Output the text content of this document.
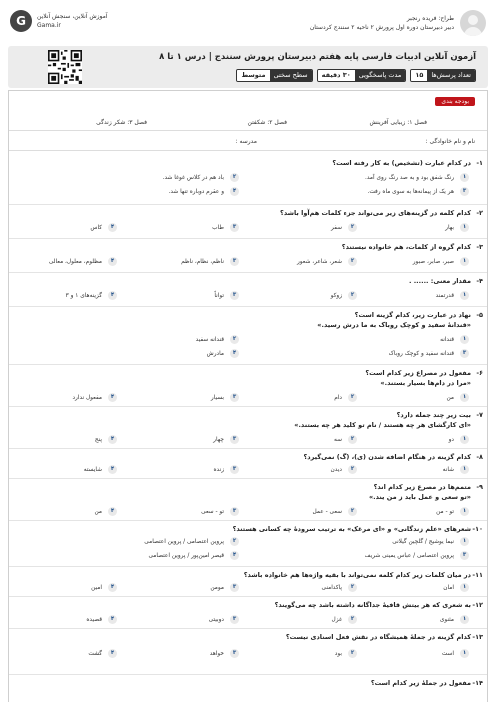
طراح: فریده رنجبر
دبیر دبیرستان دوره اول پرورش ۲ ناحیه ۲ سنندج کردستان
G	آموزش آنلاین، سنجش آنلاین
Gama.ir
آزمون آنلاین ادبیات فارسی پایه هفتم دبیرستان پرورش سنندج | درس ۱ تا ۸
تعداد پرسش‌ها
۱۵
مدت پاسخگویی
۳۰ دقیقه
سطح سختی
متوسط
بودجه بندی
فصل ۱: زیبایی آفرینش
فصل ۲: شکفتن
فصل ۳: شکر زندگی
نام و نام خانوادگی :
مدرسه :
۱-
در کدام عبارت (تشخیص) به کار رفته است؟
۱
رنگ شفق بود و به صد رنگ روی آمد.
۲
باد هم در کلاس غوغا شد.
۳
هر یک از پیمانه‌ها به سوی ماه رفت.
۴
و عقرم دوباره تنها شد.
۲-
کدام کلمه در گزینه‌های زیر می‌تواند جزء کلمات هم‌آوا باشد؟
۱
بهار
۲
سفر
۳
طاب
۴
کاس
۳-
کدام گروه از کلمات، هم خانواده نیستند؟
۱
صبر، صابر، صبور
۲
شعر، شاعر، شعور
۳
ناظم، نظام، ناظم
۴
مظلوم، معلول، معالی
۴-
مقدار معنی: ...... .
۱
قدرتمند
۲
زوکو
۳
تواناً
۴
گزینه‌های ۱ و ۳
۵-
نهاد در عبارت زیر، کدام گزینه است؟
«قندانهٔ سفید و کوچک روباک به ما درش رسید.»
۱
قندانه
۲
قندانه سفید
۳
قندانه سفید و کوچک روباک
۴
مادرش
۶-
مفعول در مصراع زیر کدام است؟
«مرا در دام‌ها بسیار بستند.»
۱
من
۲
دام
۳
بسیار
۴
مفعول ندارد
۷-
بیت زیر چند جمله دارد؟
«ای کارگشای هر چه هستند / نام تو کلید هر چه بستند.»
۱
دو
۲
سه
۳
چهار
۴
پنج
۸-
کدام گزینه در هنگام اضافه شدن (ی)، (گ) نمی‌گیرد؟
۱
شانه
۲
دیدن
۳
زنده
۴
شایسته
۹-
متمم‌ها در مصرع زیر کدام اند؟
«تو سعی و عمل باید ز من یند.»
۱
تو - من
۲
سعی - عمل
۳
تو - سعی
۴
من
۱۰-
شعرهای «علم زندگانی» و «ای مرغک» به ترتیب سرودهٔ چه کسانی هستند؟
۱
نیما یوشیج / گلچین گیلانی
۲
پروین اعتصامی / پروین اعتصامی
۳
پروین اعتصامی / عباس یمینی شریف
۴
قیصر امین‌پور / پروین اعتصامی
۱۱-
در میان کلمات زیر کدام کلمه نمی‌تواند با بقیه واژه‌ها هم خانواده باشد؟
۱
امان
۲
پاکدامنی
۳
مومن
۴
امین
۱۲-
به شعری که هر بیتش قافیهٔ جداگانه داشته باشد چه می‌گویند؟
۱
مثنوی
۲
غزل
۳
دوبیتی
۴
قصیده
۱۳-
کدام گزینه در جملهٔ همیشگاه در نقش فعل اسنادی نیست؟
۱
است
۲
بود
۳
خواهد
۴
گشت
۱۴-
مفعول در جملهٔ زیر کدام است؟
